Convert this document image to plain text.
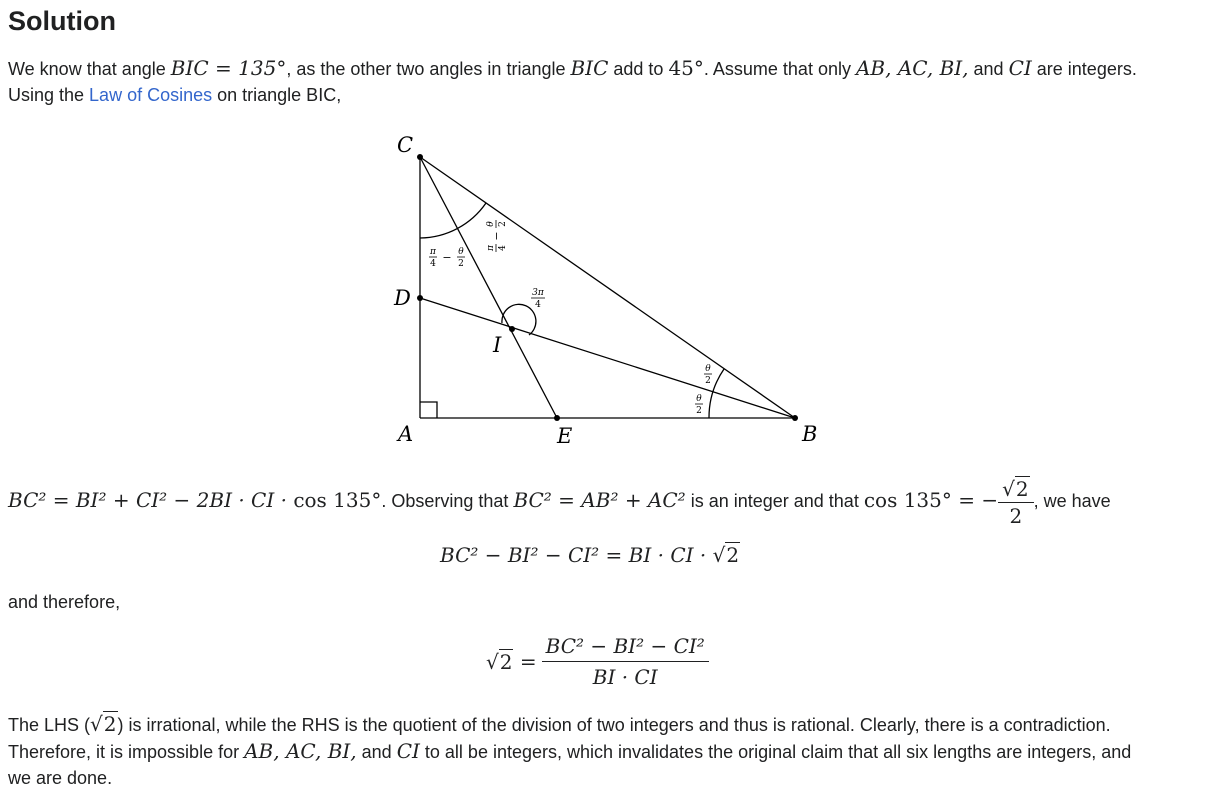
Solution

We know that angle BIC = 135°, as the other two angles in triangle BIC add to 45°. Assume that only AB, AC, BI, and CI are integers.
Using the Law of Cosines on triangle BIC,

C
D
I
A	E	B
π
4 − θ
2
π 4
−
θ 2
3π
4
θ
2
θ
2
BC² = BI² + CI² − 2BI · CI · cos 135°. Observing that BC² = AB² + AC² is an integer and that cos 135° = − $\frac{√2}{2}$ , we have
BC² − BI² − CI² = BI · CI · √2

and therefore,

$√2 = \frac{\text{BC² − BI² − CI²}}{BI \cdot CI}$

The LHS (√2) is irrational, while the RHS is the quotient of the division of two integers and thus is rational. Clearly, there is a contradiction.
Therefore, it is impossible for AB, AC, BI, and CI to all be integers, which invalidates the original claim that all six lengths are integers, and
we are done.
